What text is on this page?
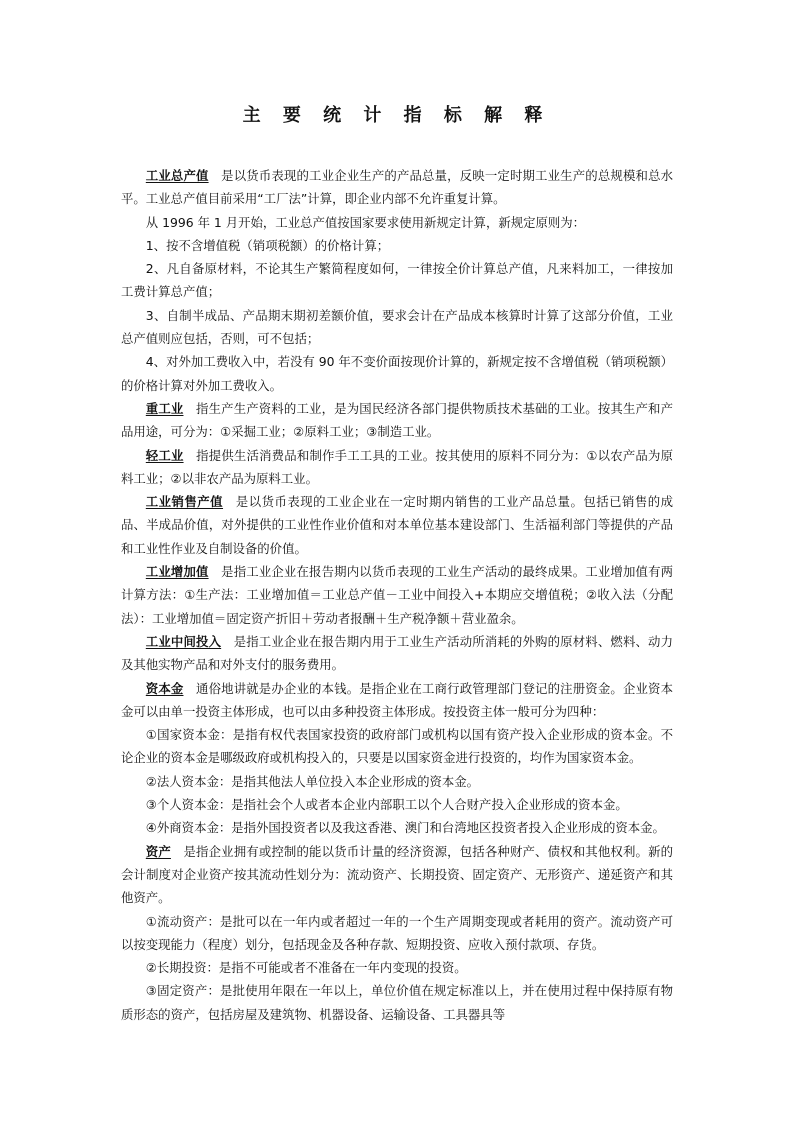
主 要 统 计 指 标 解 释

工业总产值 是以货币表现的工业企业生产的产品总量，反映一定时期工业生产的总规模和总水平。工业总产值目前采用“工厂法”计算，即企业内部不允许重复计算。

从 1996 年 1 月开始，工业总产值按国家要求使用新规定计算，新规定原则为：

1、按不含增值税（销项税额）的价格计算；

2、凡自备原材料，不论其生产繁简程度如何，一律按全价计算总产值，凡来料加工，一律按加工费计算总产值；

3、自制半成品、产品期末期初差额价值，要求会计在产品成本核算时计算了这部分价值，工业总产值则应包括，否则，可不包括；

4、对外加工费收入中，若没有 90 年不变价面按现价计算的，新规定按不含增值税（销项税额）的价格计算对外加工费收入。

重工业 指生产生产资料的工业，是为国民经济各部门提供物质技术基础的工业。按其生产和产品用途，可分为：①采掘工业；②原料工业；③制造工业。

轻工业 指提供生活消费品和制作手工工具的工业。按其使用的原料不同分为：①以农产品为原料工业；②以非农产品为原料工业。

工业销售产值 是以货币表现的工业企业在一定时期内销售的工业产品总量。包括已销售的成品、半成品价值，对外提供的工业性作业价值和对本单位基本建设部门、生活福利部门等提供的产品和工业性作业及自制设备的价值。

工业增加值 是指工业企业在报告期内以货币表现的工业生产活动的最终成果。工业增加值有两计算方法：①生产法：工业增加值＝工业总产值－工业中间投入+本期应交增值税；②收入法（分配法）：工业增加值＝固定资产折旧＋劳动者报酬＋生产税净额＋营业盈余。

工业中间投入 是指工业企业在报告期内用于工业生产活动所消耗的外购的原材料、燃料、动力及其他实物产品和对外支付的服务费用。

资本金 通俗地讲就是办企业的本钱。是指企业在工商行政管理部门登记的注册资金。企业资本金可以由单一投资主体形成，也可以由多种投资主体形成。按投资主体一般可分为四种：

①国家资本金：是指有权代表国家投资的政府部门或机构以国有资产投入企业形成的资本金。不论企业的资本金是哪级政府或机构投入的，只要是以国家资金进行投资的，均作为国家资本金。

②法人资本金：是指其他法人单位投入本企业形成的资本金。

③个人资本金：是指社会个人或者本企业内部职工以个人合财产投入企业形成的资本金。

④外商资本金：是指外国投资者以及我这香港、澳门和台湾地区投资者投入企业形成的资本金。

资产 是指企业拥有或控制的能以货币计量的经济资源，包括各种财产、债权和其他权利。新的会计制度对企业资产按其流动性划分为：流动资产、长期投资、固定资产、无形资产、递延资产和其他资产。

①流动资产：是批可以在一年内或者超过一年的一个生产周期变现或者耗用的资产。流动资产可以按变现能力（程度）划分，包括现金及各种存款、短期投资、应收入预付款项、存货。

②长期投资：是指不可能或者不准备在一年内变现的投资。

③固定资产：是批使用年限在一年以上，单位价值在规定标准以上，并在使用过程中保持原有物质形态的资产，包括房屋及建筑物、机器设备、运输设备、工具器具等
